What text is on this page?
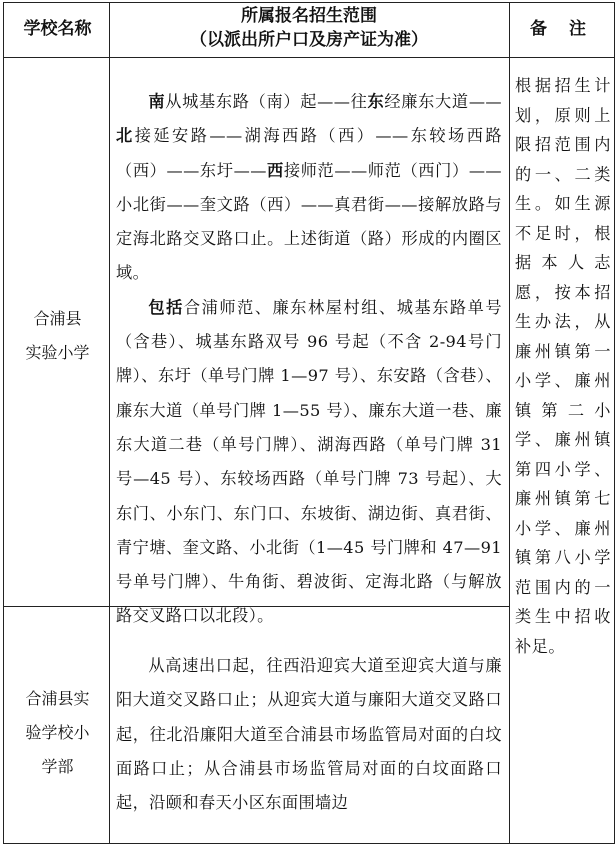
学校名称
所属报名招生范围
（以派出所户口及房产证为准）
备 注
合浦县
实验小学

南从城基东路（南）起——往东经廉东大道——北接延安路——湖海西路（西）——东较场西路（西）——东圩——西接师范——师范（西门）——小北街——奎文路（西）——真君街——接解放路与定海北路交叉路口止。上述街道（路）形成的内圈区域。

包括合浦师范、廉东林屋村组、城基东路单号（含巷）、城基东路双号 96 号起（不含 2-94号门牌）、东圩（单号门牌 1—97 号）、东安路（含巷）、廉东大道（单号门牌 1—55 号）、廉东大道一巷、廉东大道二巷（单号门牌）、湖海西路（单号门牌 31 号—45 号）、东较场西路（单号门牌 73 号起）、大东门、小东门、东门口、东坡街、湖边街、真君街、青宁塘、奎文路、小北街（1—45 号门牌和 47—91 号单号门牌）、牛角街、碧波街、定海北路（与解放路交叉路口以北段）。

合浦县实
验学校小
学部

从高速出口起，往西沿迎宾大道至迎宾大道与廉阳大道交叉路口止；从迎宾大道与廉阳大道交叉路口起，往北沿廉阳大道至合浦县市场监管局对面的白坟面路口止；从合浦县市场监管局对面的白坟面路口起，沿颐和春天小区东面围墙边

根据招生计划，原则上限招范围内的一、二类生。如生源不足时，根据本人志愿，按本招生办法，从廉州镇第一小学、廉州镇第二小学、廉州镇第四小学、廉州镇第七小学、廉州镇第八小学范围内的一类生中招收补足。
